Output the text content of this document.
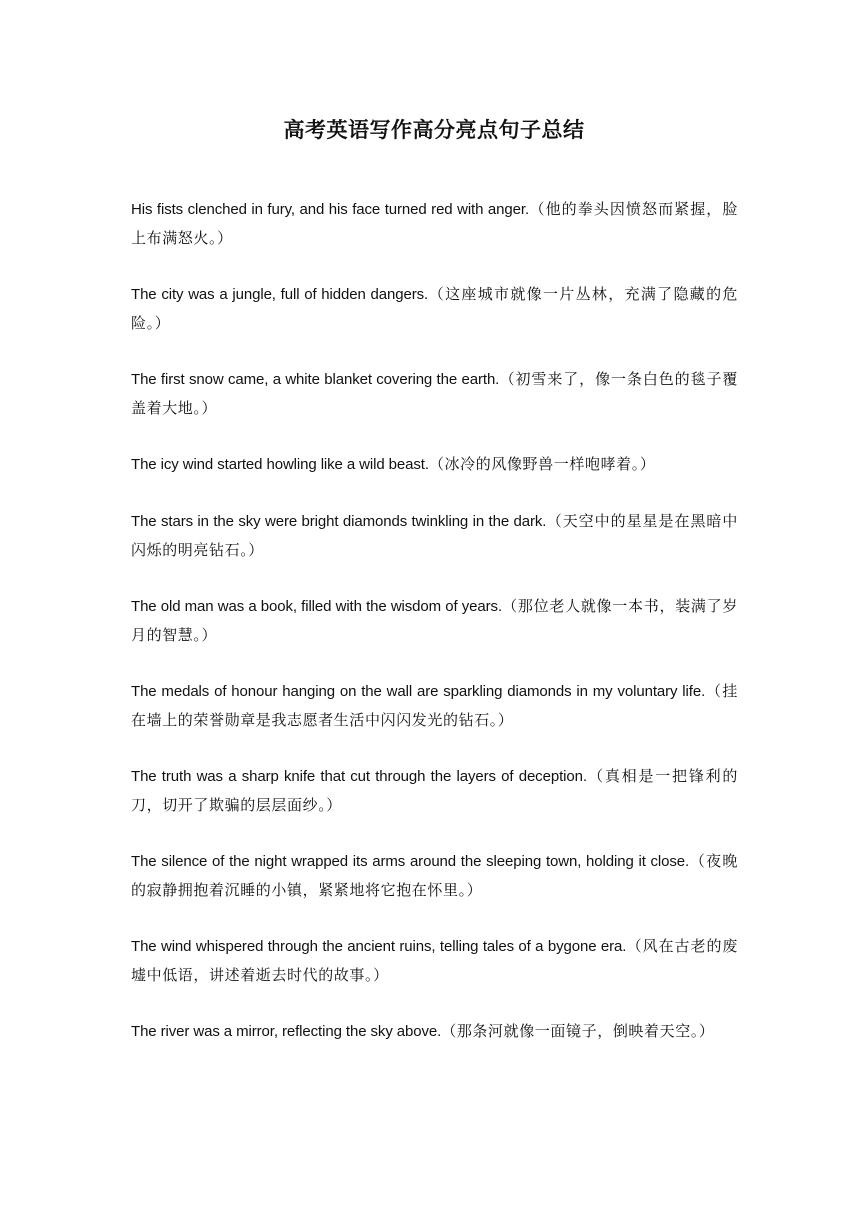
高考英语写作高分亮点句子总结

His fists clenched in fury, and his face turned red with anger.（他的拳头因愤怒而紧握，脸上布满怒火。）

The city was a jungle, full of hidden dangers.（这座城市就像一片丛林，充满了隐藏的危险。）

The first snow came, a white blanket covering the earth.（初雪来了，像一条白色的毯子覆盖着大地。）

The icy wind started howling like a wild beast.（冰冷的风像野兽一样咆哮着。）

The stars in the sky were bright diamonds twinkling in the dark.（天空中的星星是在黑暗中闪烁的明亮钻石。）

The old man was a book, filled with the wisdom of years.（那位老人就像一本书，装满了岁月的智慧。）

The medals of honour hanging on the wall are sparkling diamonds in my voluntary life.（挂在墙上的荣誉勋章是我志愿者生活中闪闪发光的钻石。）

The truth was a sharp knife that cut through the layers of deception.（真相是一把锋利的刀，切开了欺骗的层层面纱。）

The silence of the night wrapped its arms around the sleeping town, holding it close.（夜晚的寂静拥抱着沉睡的小镇，紧紧地将它抱在怀里。）

The wind whispered through the ancient ruins, telling tales of a bygone era.（风在古老的废墟中低语，讲述着逝去时代的故事。）

The river was a mirror, reflecting the sky above.（那条河就像一面镜子，倒映着天空。）
